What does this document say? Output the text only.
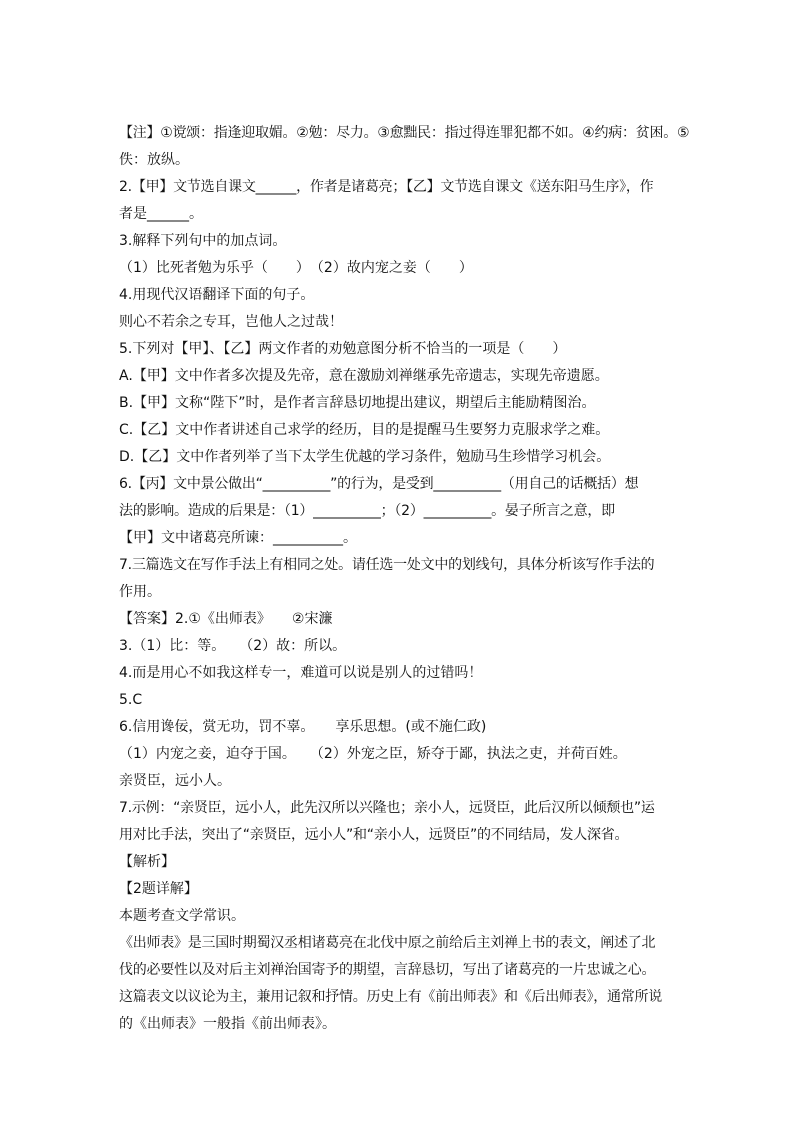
【注】①谠颂：指逢迎取媚。②勉：尽力。③愈黜民：指过得连罪犯都不如。④约病：贫困。⑤
佚：放纵。
2.【甲】文节选自课文______，作者是诸葛亮；【乙】文节选自课文《送东阳马生序》，作
者是______。
3.解释下列句中的加点词。
（1）比死者勉为乐乎（　　）　（2）故内宠之妾（　　）
4.用现代汉语翻译下面的句子。
则心不若余之专耳，岂他人之过哉！
5.下列对【甲】、【乙】两文作者的劝勉意图分析不恰当的一项是（　　）
A.【甲】文中作者多次提及先帝，意在激励刘禅继承先帝遗志，实现先帝遗愿。
B.【甲】文称“陛下”时，是作者言辞恳切地提出建议，期望后主能励精图治。
C.【乙】文中作者讲述自己求学的经历，目的是提醒马生要努力克服求学之难。
D.【乙】文中作者列举了当下太学生优越的学习条件，勉励马生珍惜学习机会。
6.【丙】文中景公做出“__________”的行为，是受到__________（用自己的话概括）想
法的影响。造成的后果是：（1）__________；（2）__________。晏子所言之意，即
【甲】文中诸葛亮所谏：__________。
7.三篇选文在写作手法上有相同之处。请任选一处文中的划线句，具体分析该写作手法的
作用。
【答案】2.①《出师表》　　②宋濂
3.（1）比：等。　　（2）故：所以。
4.而是用心不如我这样专一，难道可以说是别人的过错吗！
5.C
6.信用谗佞，赏无功，罚不辜。　　享乐思想。(或不施仁政)
（1）内宠之妾，迫夺于国。　　（2）外宠之臣，矫夺于鄙，执法之吏，并荷百姓。
亲贤臣，远小人。
7.示例：“亲贤臣，远小人，此先汉所以兴隆也；亲小人，远贤臣，此后汉所以倾颓也”运
用对比手法，突出了“亲贤臣，远小人”和“亲小人，远贤臣”的不同结局，发人深省。
【解析】
【2题详解】
本题考查文学常识。
《出师表》是三国时期蜀汉丞相诸葛亮在北伐中原之前给后主刘禅上书的表文，阐述了北
伐的必要性以及对后主刘禅治国寄予的期望，言辞恳切，写出了诸葛亮的一片忠诚之心。
这篇表文以议论为主，兼用记叙和抒情。历史上有《前出师表》和《后出师表》，通常所说
的《出师表》一般指《前出师表》。
